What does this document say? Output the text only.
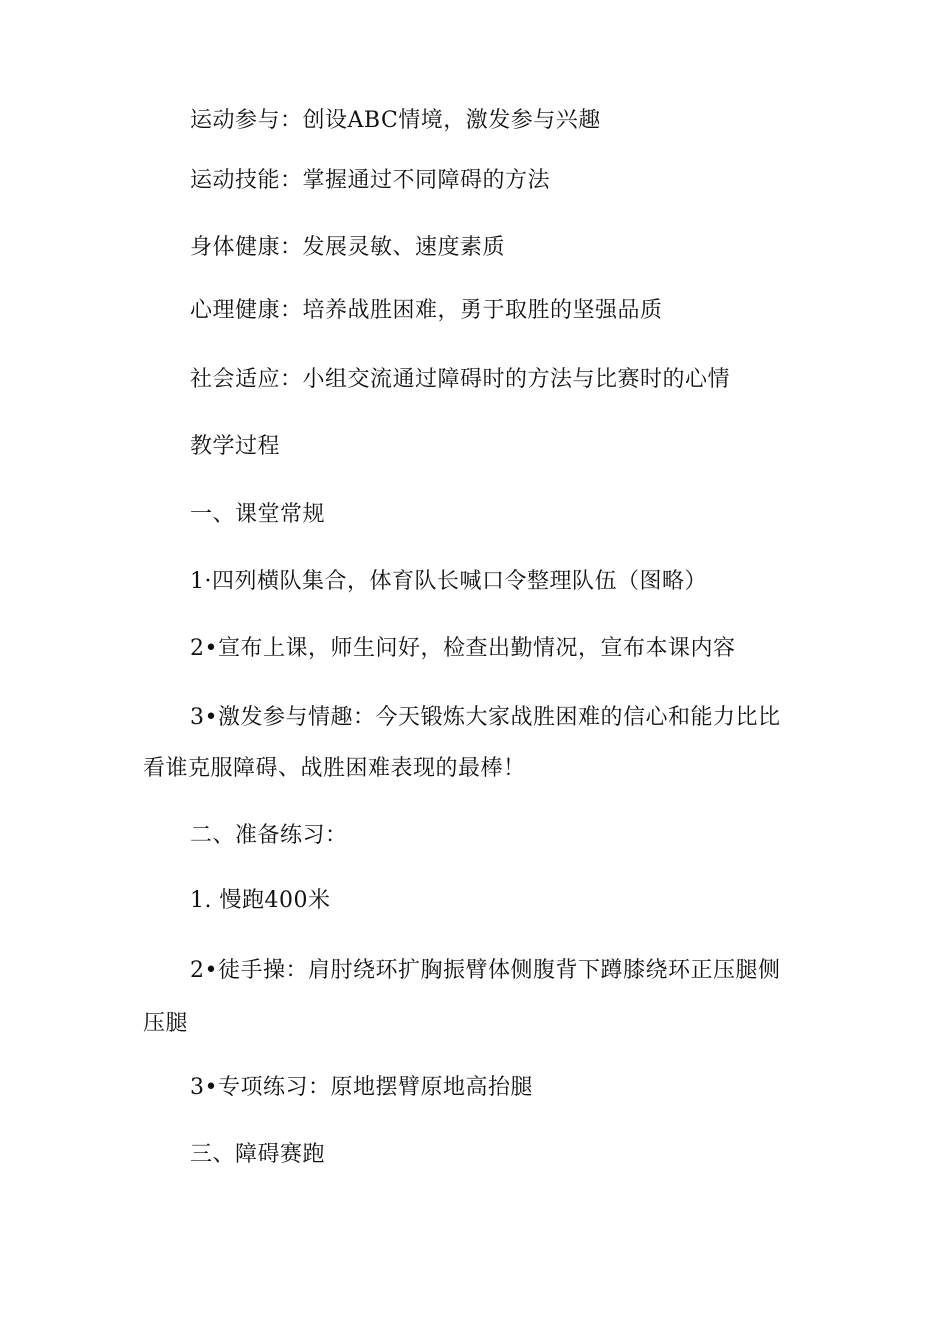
运动参与：创设ABC情境，激发参与兴趣
运动技能：掌握通过不同障碍的方法
身体健康：发展灵敏、速度素质
心理健康：培养战胜困难，勇于取胜的坚强品质
社会适应：小组交流通过障碍时的方法与比赛时的心情
教学过程
一、课堂常规
1·四列横队集合，体育队长喊口令整理队伍（图略）
2•宣布上课，师生问好，检查出勤情况，宣布本课内容
3•激发参与情趣：今天锻炼大家战胜困难的信心和能力比比
看谁克服障碍、战胜困难表现的最棒！
二、准备练习：
1. 慢跑400米
2•徒手操：肩肘绕环扩胸振臂体侧腹背下蹲膝绕环正压腿侧
压腿
3•专项练习：原地摆臂原地高抬腿
三、障碍赛跑
